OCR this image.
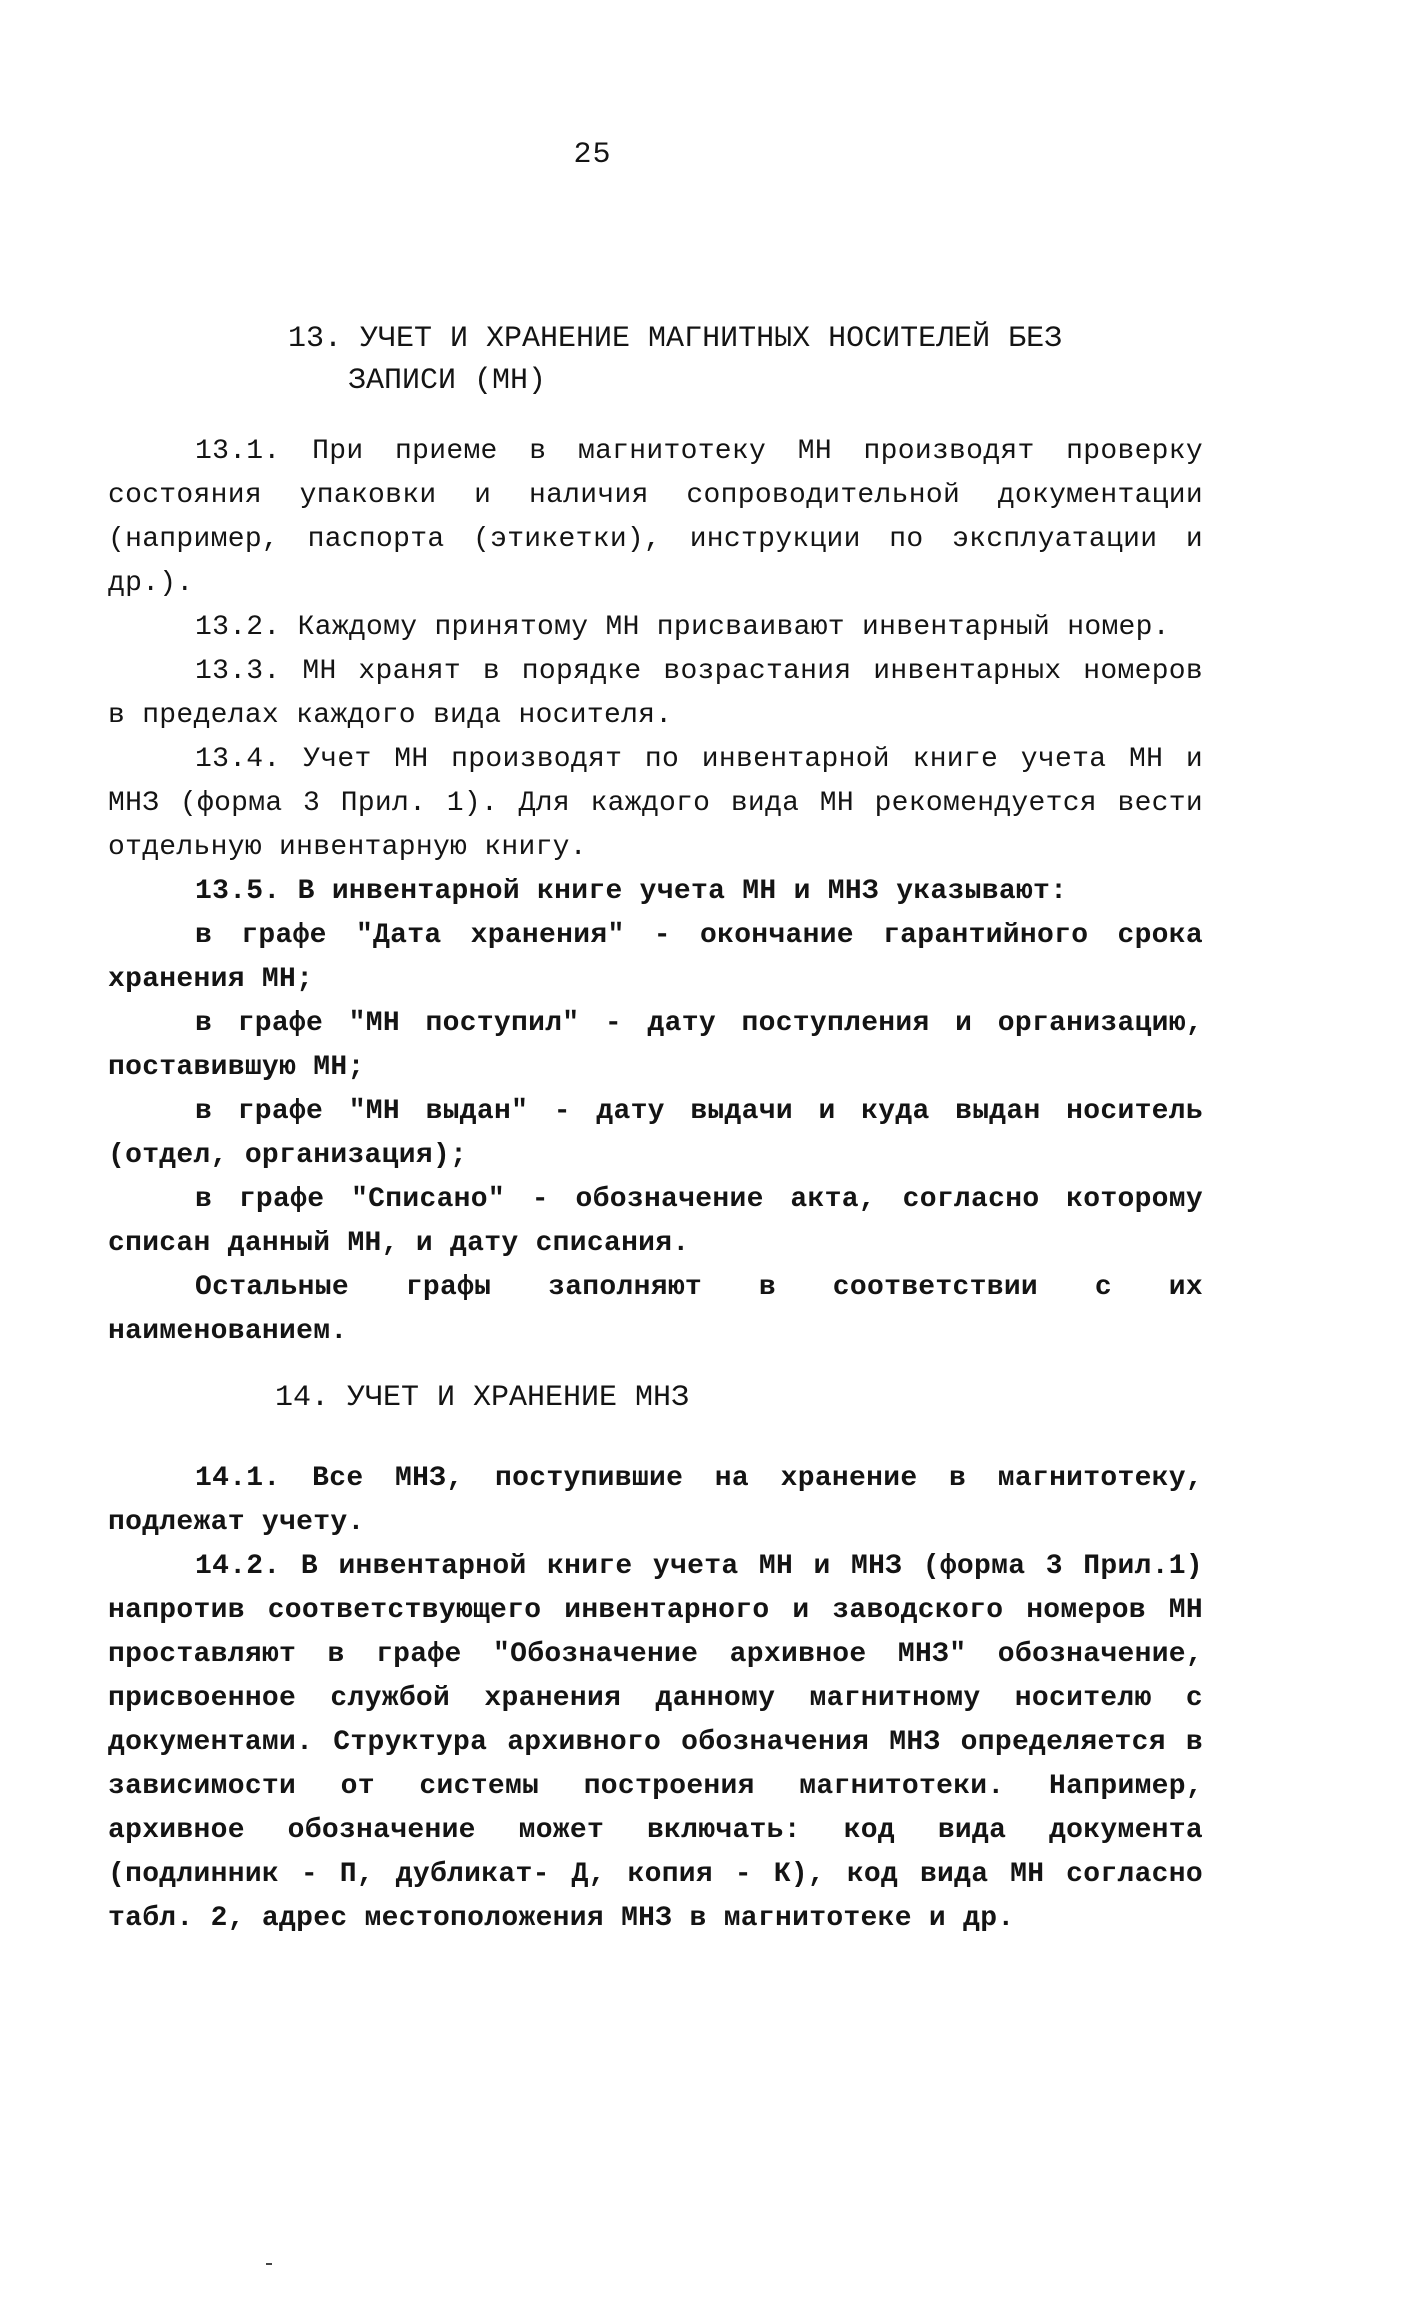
25
13. УЧЕТ И ХРАНЕНИЕ МАГНИТНЫХ НОСИТЕЛЕЙ БЕЗ
ЗАПИСИ (МН)

13.1. При приеме в магнитотеку МН производят проверку состояния упаковки и наличия сопроводительной документации (например, паспорта (этикетки), инструкции по эксплуатации и др.).

13.2. Каждому принятому МН присваивают инвентарный номер.

13.3. МН хранят в порядке возрастания инвентарных номеров в пределах каждого вида носителя.

13.4. Учет МН производят по инвентарной книге учета МН и МНЗ (форма 3 Прил. 1). Для каждого вида МН рекомендуется вести отдельную инвентарную книгу.

13.5. В инвентарной книге учета МН и МНЗ указывают:

в графе "Дата хранения" - окончание гарантийного срока хранения МН;

в графе "МН поступил" - дату поступления и организацию, поставившую МН;

в графе "МН выдан" - дату выдачи и куда выдан носитель (отдел, организация);

в графе "Списано" - обозначение акта, согласно которому списан данный МН, и дату списания.

Остальные графы заполняют в соответствии с их наименованием.

14. УЧЕТ И ХРАНЕНИЕ МНЗ

14.1. Все МНЗ, поступившие на хранение в магнитотеку, подлежат учету.

14.2. В инвентарной книге учета МН и МНЗ (форма 3 Прил.1) напротив соответствующего инвентарного и заводского номеров МН проставляют в графе "Обозначение архивное МНЗ" обозначение, присвоенное службой хранения данному магнитному носителю с документами. Структура архивного обозначения МНЗ определяется в зависимости от системы построения магнитотеки. Например, архивное обозначение может включать: код вида документа (подлинник - П, дубликат- Д, копия - К), код вида МН согласно табл. 2, адрес местоположения МНЗ в магнитотеке и др.
